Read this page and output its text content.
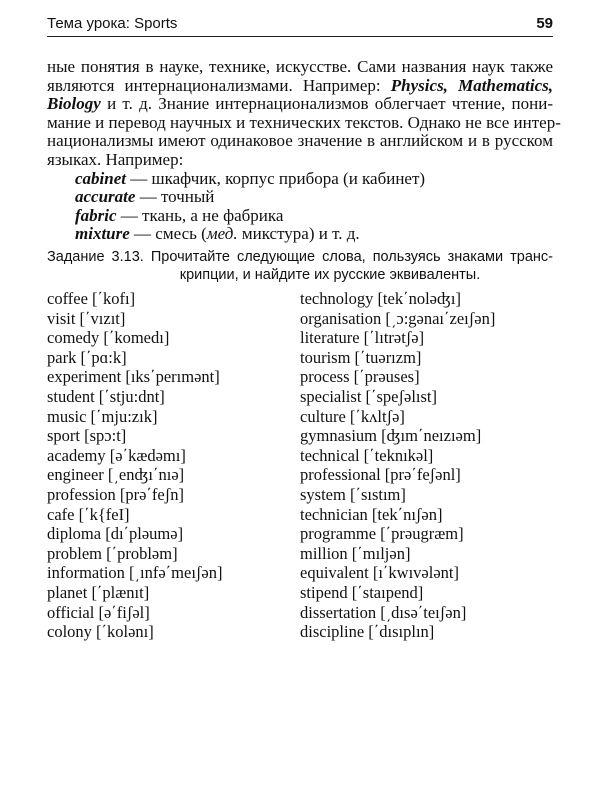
Тема урока: Sports	59
ные понятия в науке, технике, искусстве. Сами названия наук также
являются интернационализмами. Например: Physics, Mathematics,
Biology и т. д. Знание интернационализмов облегчает чтение, пони-
мание и перевод научных и технических текстов. Однако не все интер-
национализмы имеют одинаковое значение в английском и в русском
языках. Например:
cabinet — шкафчик, корпус прибора (и кабинет)
accurate — точный
fabric — ткань, а не фабрика
mixture — смесь (мед. микстура) и т. д.
Задание 3.13. Прочитайте следующие слова, пользуясь знаками транс-
крипции, и найдите их русские эквиваленты.
coffee [΄kofı]
visit [΄vızıt]
comedy [΄komedı]
park [΄pɑ:k]
experiment [ıks΄perımənt]
student [΄stju:dnt]
music [΄mju:zık]
sport [spɔ:t]
academy [ə΄kædəmı]
engineer [͵enʤı΄nıə]
profession [prə΄feʃn]
cafe [΄k{feI]
diploma [dı΄pləumə]
problem [΄probləm]
information [͵ınfə΄meıʃən]
planet [΄plænıt]
official [ə΄fiʃəl]
colony [΄kolənı]
technology [tek΄noləʤı]
organisation [͵ɔ:gənaı΄zeıʃən]
literature [΄lıtrətʃə]
tourism [΄tuərızm]
process [΄prəuses]
specialist [΄speʃəlıst]
culture [΄kʌltʃə]
gymnasium [ʤım΄neızıəm]
technical [΄teknıkəl]
professional [prə΄feʃənl]
system [΄sıstım]
technician [tek΄nıʃən]
programme [΄prəugræm]
million [΄mıljən]
equivalent [ı΄kwıvələnt]
stipend [΄staıpend]
dissertation [͵dısə΄teıʃən]
discipline [΄dısıplın]
